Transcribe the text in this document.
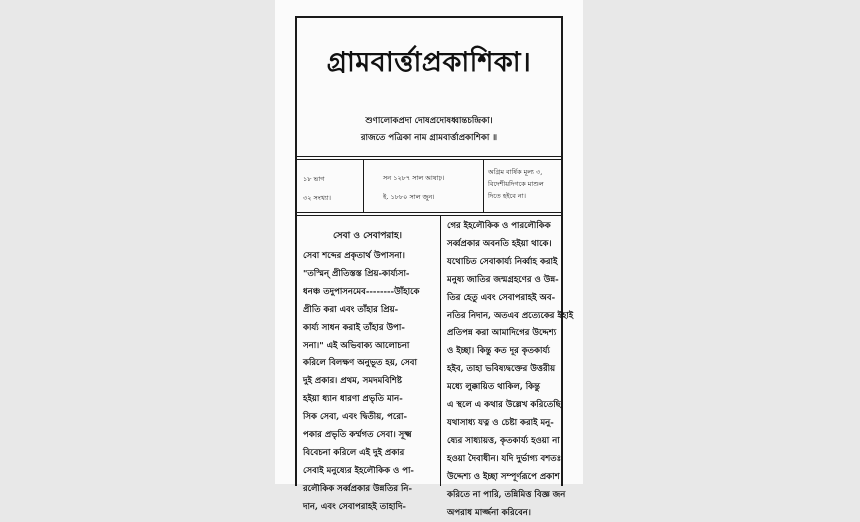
গ্রামবার্ত্তাপ্রকাশিকা।
শুণালোকপ্রদা দোষপ্রদোষধ্বান্তচন্দ্রিকা।
রাজতে পত্রিকা নাম গ্রামবার্ত্তাপ্রকাশিকা ॥
১৮ ভাগ
৩২ সংখ্যা।
সন ১২৮৭ সাল আষাঢ়।
ই. ১৮৮০ সাল জুন।
অগ্রিম বার্ষিক মূল্য ৩,
বিদেশীয়দিগকে মাশুল
দিতে হইবে না।
সেবা ও সেবাপরাহ।
সেবা শব্দের প্রকৃতার্থ উপাসনা।
"তস্মিন্ প্রীতিস্তস্ত প্রিয়-কার্য্যসা-
ধনঞ্চ তদুপাসনমেব--------উাঁহাকে
প্রীতি করা এবং তাঁহার প্রিয়-
কার্য্য সাধন করাই তাঁহার উপা-
সনা।" এই অভিবাক্য আলোচনা
করিলে বিলক্ষণ অনুভূত হয়, সেবা
দুই প্রকার। প্রথম, সমদমবিশিষ্ট
হইয়া ধ্যান ধারণা প্রভৃতি মান-
সিক সেবা, এবং দ্বিতীয়, পরো-
পকার প্রভৃতি কর্ম্মগত সেবা। সূক্ষ্ম
বিবেচনা করিলে এই দুই প্রকার
সেবাই মনুষ্যের ইহলৌকিক ও পা-
রলৌকিক সর্ব্বপ্রকার উন্নতির নি-
দান, এবং সেবাপরাহই তাহাদি-
গের ইহলৌকিক ও পারলৌকিক
সর্ব্বপ্রকার অবনতি হইয়া থাকে।
যথোচিত সেবাকার্য্য নির্ব্বাহ করাই
মনুষ্য জাতির জন্মগ্রহণের ও উন্ন-
তির হেতু এবং সেবাপরাহই অব-
নতির নিদান, অতএব প্রত্যেকের ইহাই
প্রতিপন্ন করা আমাদিগের উদ্দেশ্য
ও ইচ্ছা। কিন্তু কত দূর কৃতকার্য্য
হইব, তাহা ভবিষ্যদ্বক্তের উত্তরীয়
মধ্যে লুক্কায়িত থাকিল, কিন্তু
এ স্থলে এ কথার উল্লেখ করিতেছি,
যথাসাধ্য যত্ন ও চেষ্টা করাই মনু-
ষ্যের সাধ্যায়ত্ত, কৃতকার্য্য হওয়া না
হওয়া দৈবাধীন। যদি দুর্ভাগ্য বশতঃ
উদ্দেশ্য ও ইচ্ছা সম্পূর্ণরূপে প্রকাশ
করিতে না পারি, তন্নিমিত্ত বিজ্ঞ জন
অপরাধ মার্জ্জনা করিবেন।
